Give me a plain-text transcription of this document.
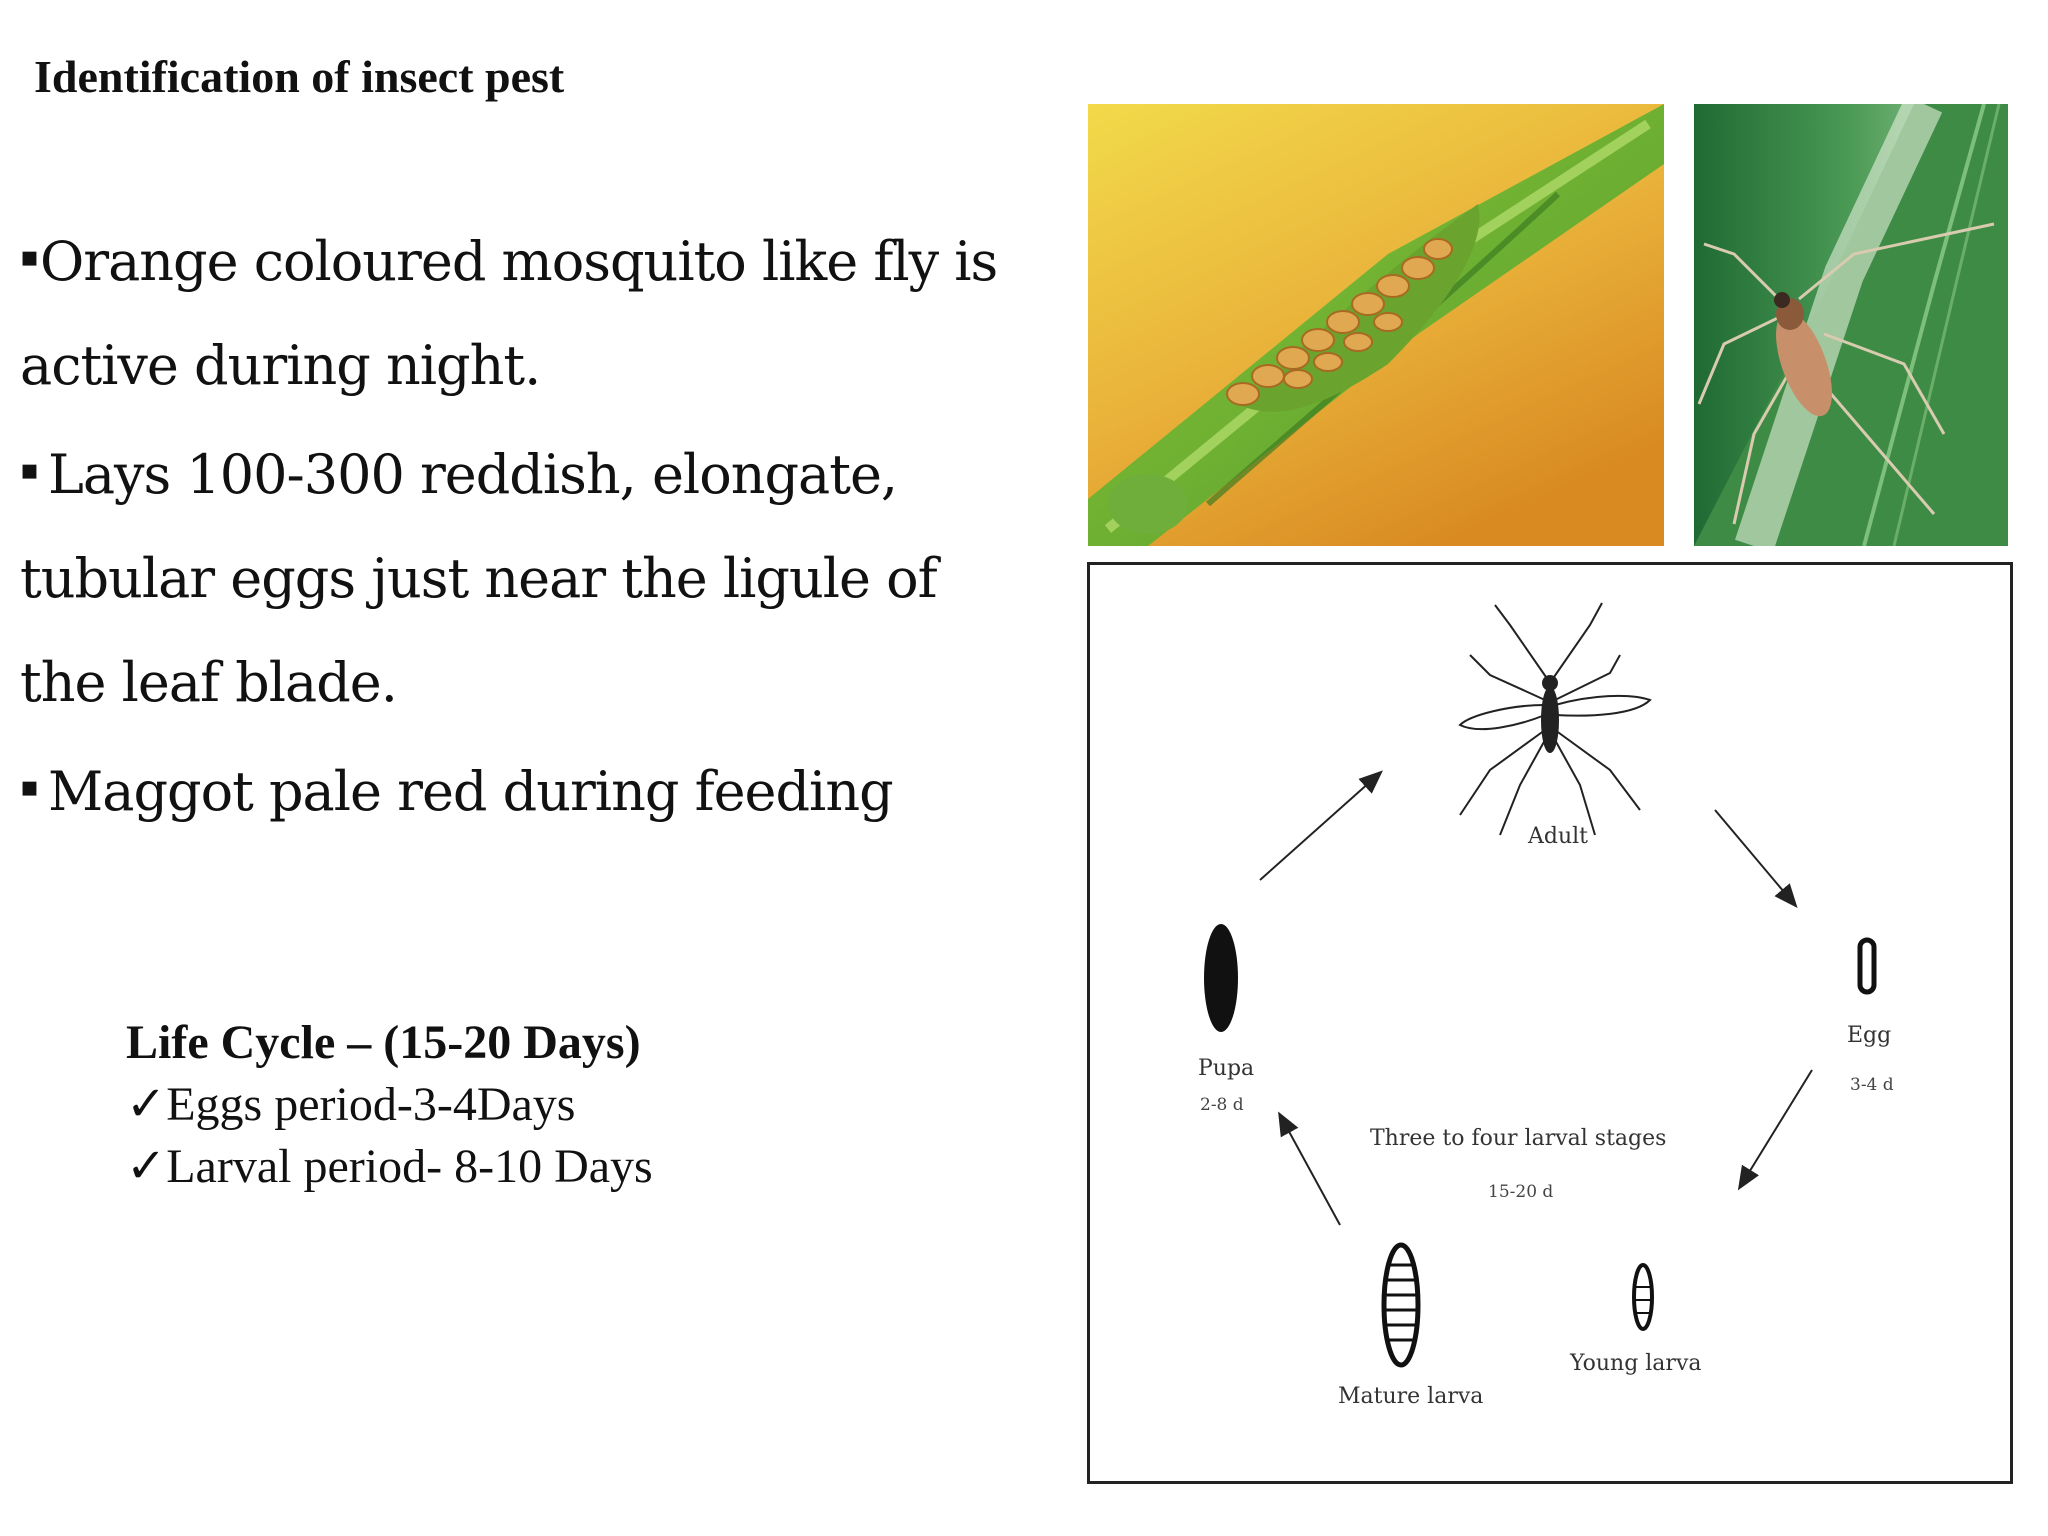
Identification of insect pest

▪Orange coloured mosquito like fly is active during night.

▪ Lays 100-300 reddish, elongate, tubular eggs just near the ligule of the leaf blade.

▪ Maggot pale red during feeding

Life Cycle – (15-20 Days)
✓Eggs period-3-4Days
✓Larval period- 8-10 Days
Adult
Egg
3-4 d
Pupa
2-8 d
Three to four larval stages
15-20 d
Mature larva
Young larva
